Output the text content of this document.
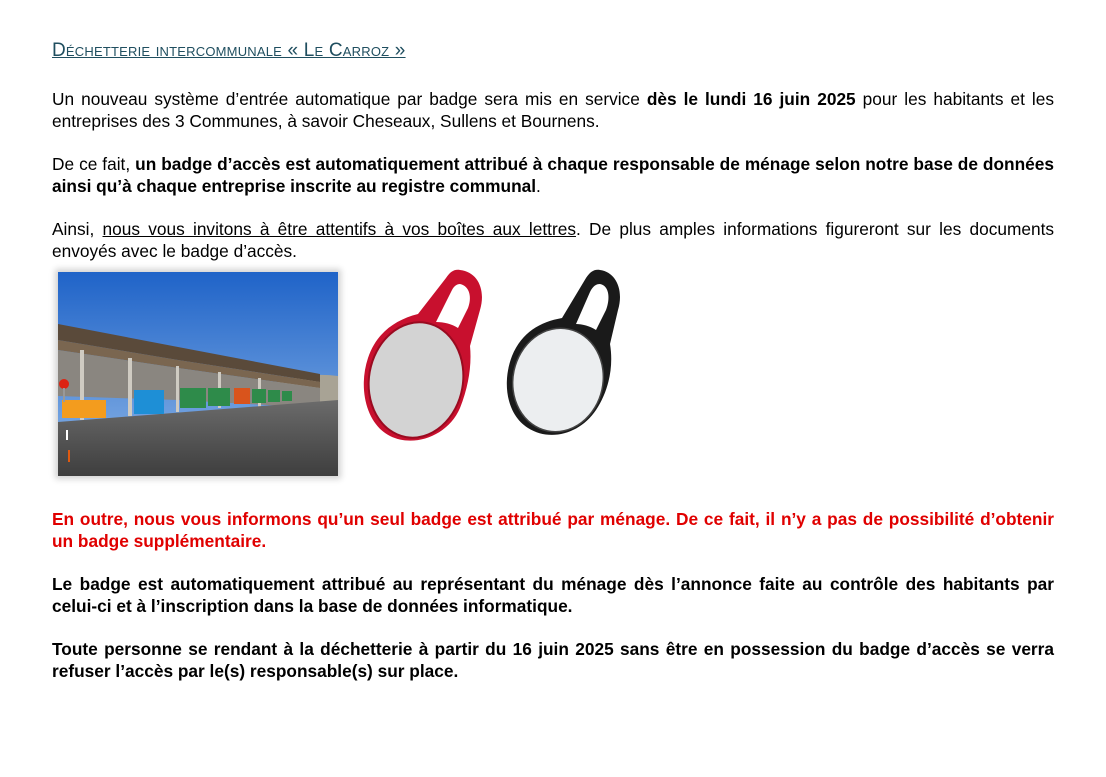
Déchetterie intercommunale « Le Carroz »

Un nouveau système d’entrée automatique par badge sera mis en service dès le lundi 16 juin 2025 pour les habitants et les entreprises des 3 Communes, à savoir Cheseaux, Sullens et Bournens.

De ce fait, un badge d’accès est automatiquement attribué à chaque responsable de ménage selon notre base de données ainsi qu’à chaque entreprise inscrite au registre communal.

Ainsi, nous vous invitons à être attentifs à vos boîtes aux lettres. De plus amples informations figureront sur les documents envoyés avec le badge d’accès.

En outre, nous vous informons qu’un seul badge est attribué par ménage. De ce fait, il n’y a pas de possibilité d’obtenir un badge supplémentaire.

Le badge est automatiquement attribué au représentant du ménage dès l’annonce faite au contrôle des habitants par celui-ci et à l’inscription dans la base de données informatique.

Toute personne se rendant à la déchetterie à partir du 16 juin 2025 sans être en possession du badge d’accès se verra refuser l’accès par le(s) responsable(s) sur place.
